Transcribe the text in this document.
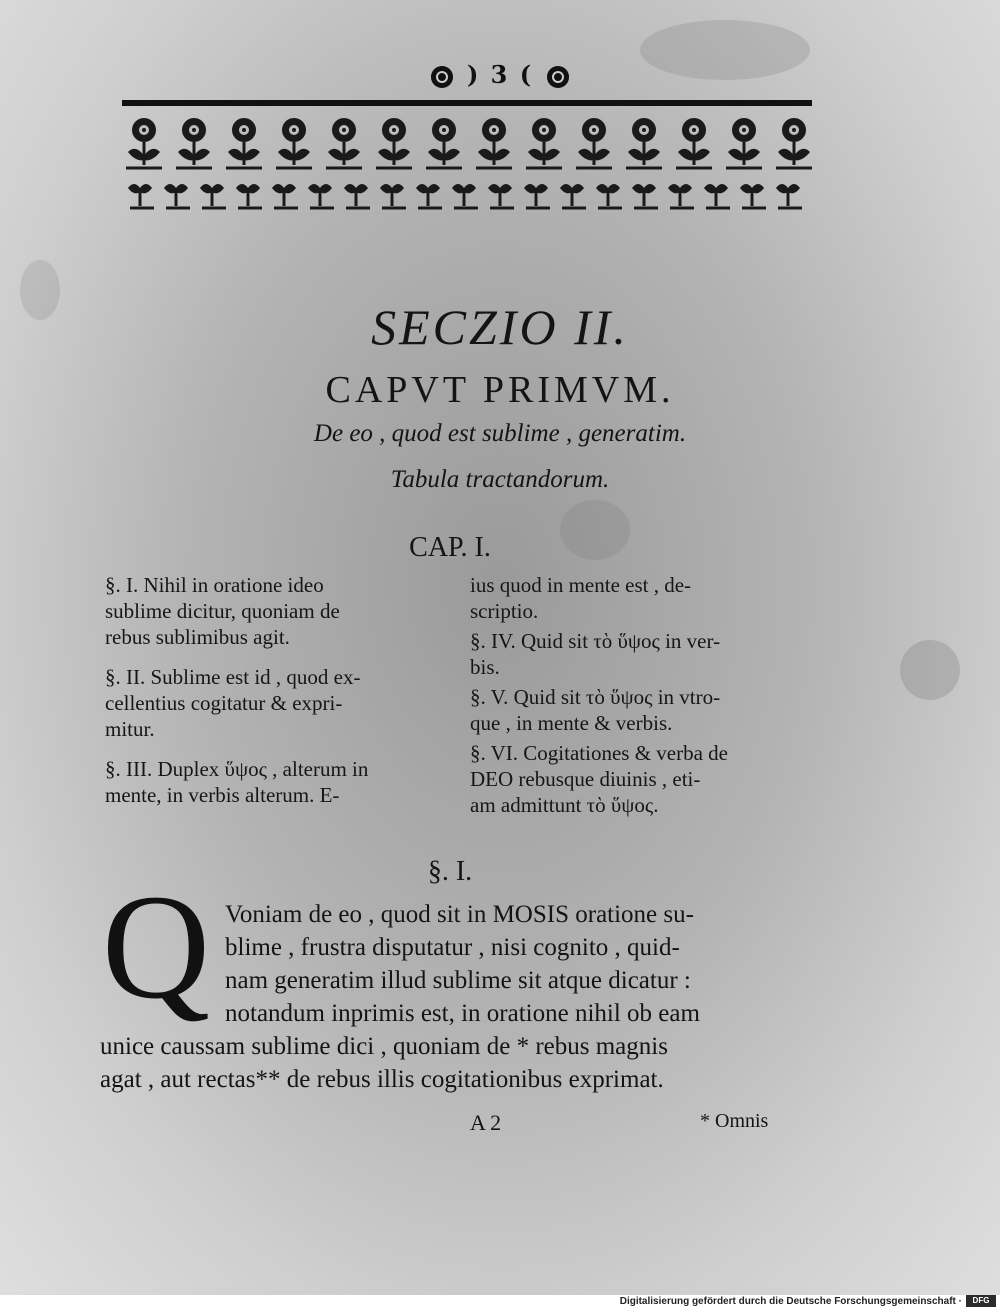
) 3 (
SECZIO II.
CAPVT PRIMVM.
De eo , quod est sublime , generatim.
Tabula tractandorum.
CAP. I.
§. I. Nihil in oratione ideo
sublime dicitur, quoniam de
rebus sublimibus agit.
§. II. Sublime est id , quod ex-
cellentius cogitatur & expri-
mitur.
§. III. Duplex ὕψος , alterum in
mente, in verbis alterum. E-
ius quod in mente est , de-
scriptio.
§. IV. Quid sit τὸ ὕψος in ver-
bis.
§. V. Quid sit τὸ ὕψος in vtro-
que , in mente & verbis.
§. VI. Cogitationes & verba de
DEO rebusque diuinis , eti-
am admittunt τὸ ὕψος.
§. I.
Q Voniam de eo , quod sit in MOSIS oratione su-
blime , frustra disputatur , nisi cognito , quid-
nam generatim illud sublime sit atque dicatur :
notandum inprimis est, in oratione nihil ob eam
unice caussam sublime dici , quoniam de * rebus magnis
agat , aut rectas** de rebus illis cogitationibus exprimat.
A 2	* Omnis
Digitalisierung gefördert durch die Deutsche Forschungsgemeinschaft ·	DFG
